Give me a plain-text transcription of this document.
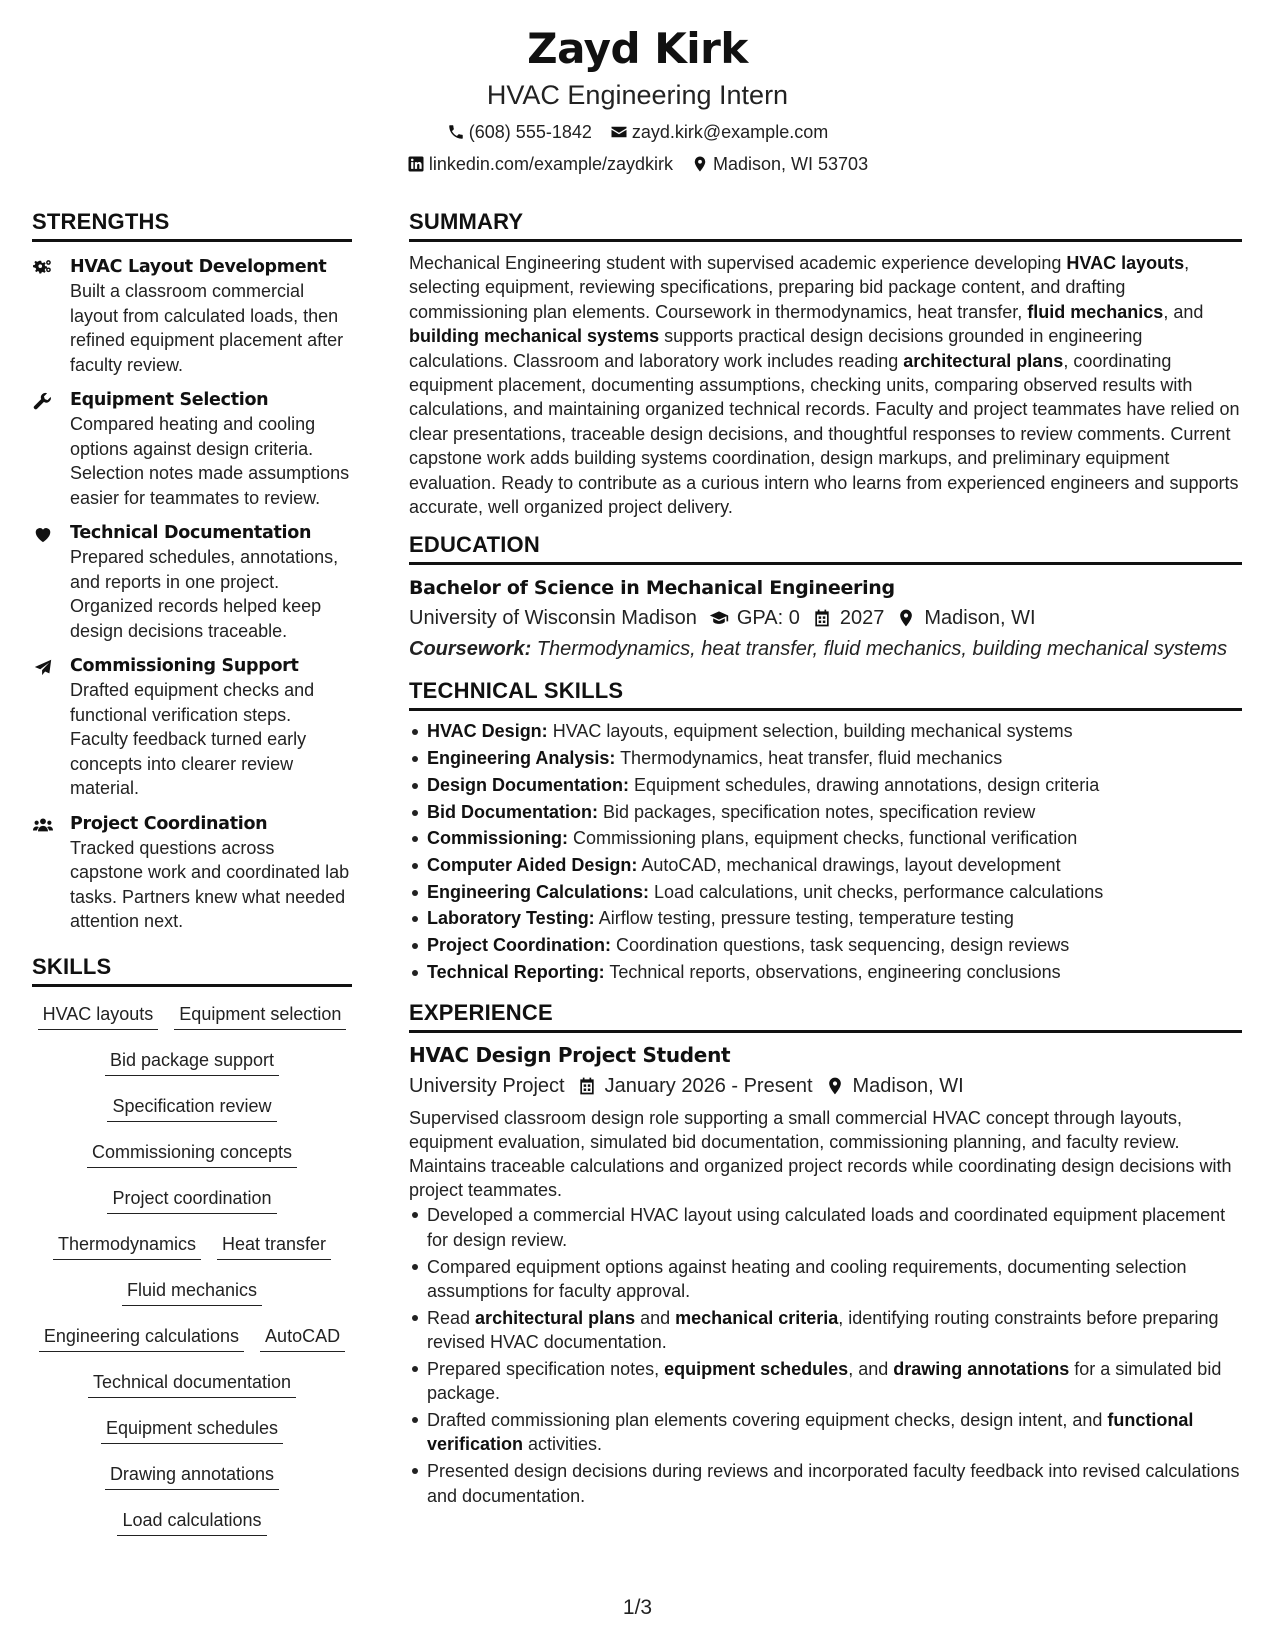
Zayd Kirk
HVAC Engineering Intern
(608) 555-1842 zayd.kirk@example.com
linkedin.com/example/zaydkirk Madison, WI 53703
STRENGTHS
HVAC Layout Development
Built a classroom commercial layout from calculated loads, then refined equipment placement after faculty review.
Equipment Selection
Compared heating and cooling options against design criteria. Selection notes made assumptions easier for teammates to review.
Technical Documentation
Prepared schedules, annotations, and reports in one project. Organized records helped keep design decisions traceable.
Commissioning Support
Drafted equipment checks and functional verification steps. Faculty feedback turned early concepts into clearer review material.
Project Coordination
Tracked questions across capstone work and coordinated lab tasks. Partners knew what needed attention next.
SKILLS
HVAC layouts Equipment selection
Bid package support
Specification review
Commissioning concepts
Project coordination
Thermodynamics Heat transfer
Fluid mechanics
Engineering calculations AutoCAD
Technical documentation
Equipment schedules
Drawing annotations
Load calculations
SUMMARY

Mechanical Engineering student with supervised academic experience developing HVAC layouts, selecting equipment, reviewing specifications, preparing bid package content, and drafting commissioning plan elements. Coursework in thermodynamics, heat transfer, fluid mechanics, and building mechanical systems supports practical design decisions grounded in engineering calculations. Classroom and laboratory work includes reading architectural plans, coordinating equipment placement, documenting assumptions, checking units, comparing observed results with calculations, and maintaining organized technical records. Faculty and project teammates have relied on clear presentations, traceable design decisions, and thoughtful responses to review comments. Current capstone work adds building systems coordination, design markups, and preliminary equipment evaluation. Ready to contribute as a curious intern who learns from experienced engineers and supports accurate, well organized project delivery.

EDUCATION
Bachelor of Science in Mechanical Engineering
University of Wisconsin Madison GPA: 0 2027 Madison, WI
Coursework: Thermodynamics, heat transfer, fluid mechanics, building mechanical systems
TECHNICAL SKILLS
HVAC Design: HVAC layouts, equipment selection, building mechanical systems
Engineering Analysis: Thermodynamics, heat transfer, fluid mechanics
Design Documentation: Equipment schedules, drawing annotations, design criteria
Bid Documentation: Bid packages, specification notes, specification review
Commissioning: Commissioning plans, equipment checks, functional verification
Computer Aided Design: AutoCAD, mechanical drawings, layout development
Engineering Calculations: Load calculations, unit checks, performance calculations
Laboratory Testing: Airflow testing, pressure testing, temperature testing
Project Coordination: Coordination questions, task sequencing, design reviews
Technical Reporting: Technical reports, observations, engineering conclusions
EXPERIENCE
HVAC Design Project Student
University Project January 2026 - Present Madison, WI

Supervised classroom design role supporting a small commercial HVAC concept through layouts, equipment evaluation, simulated bid documentation, commissioning planning, and faculty review. Maintains traceable calculations and organized project records while coordinating design decisions with project teammates.

Developed a commercial HVAC layout using calculated loads and coordinated equipment placement for design review.
Compared equipment options against heating and cooling requirements, documenting selection assumptions for faculty approval.
Read architectural plans and mechanical criteria, identifying routing constraints before preparing revised HVAC documentation.
Prepared specification notes, equipment schedules, and drawing annotations for a simulated bid package.
Drafted commissioning plan elements covering equipment checks, design intent, and functional verification activities.
Presented design decisions during reviews and incorporated faculty feedback into revised calculations and documentation.
1/3
